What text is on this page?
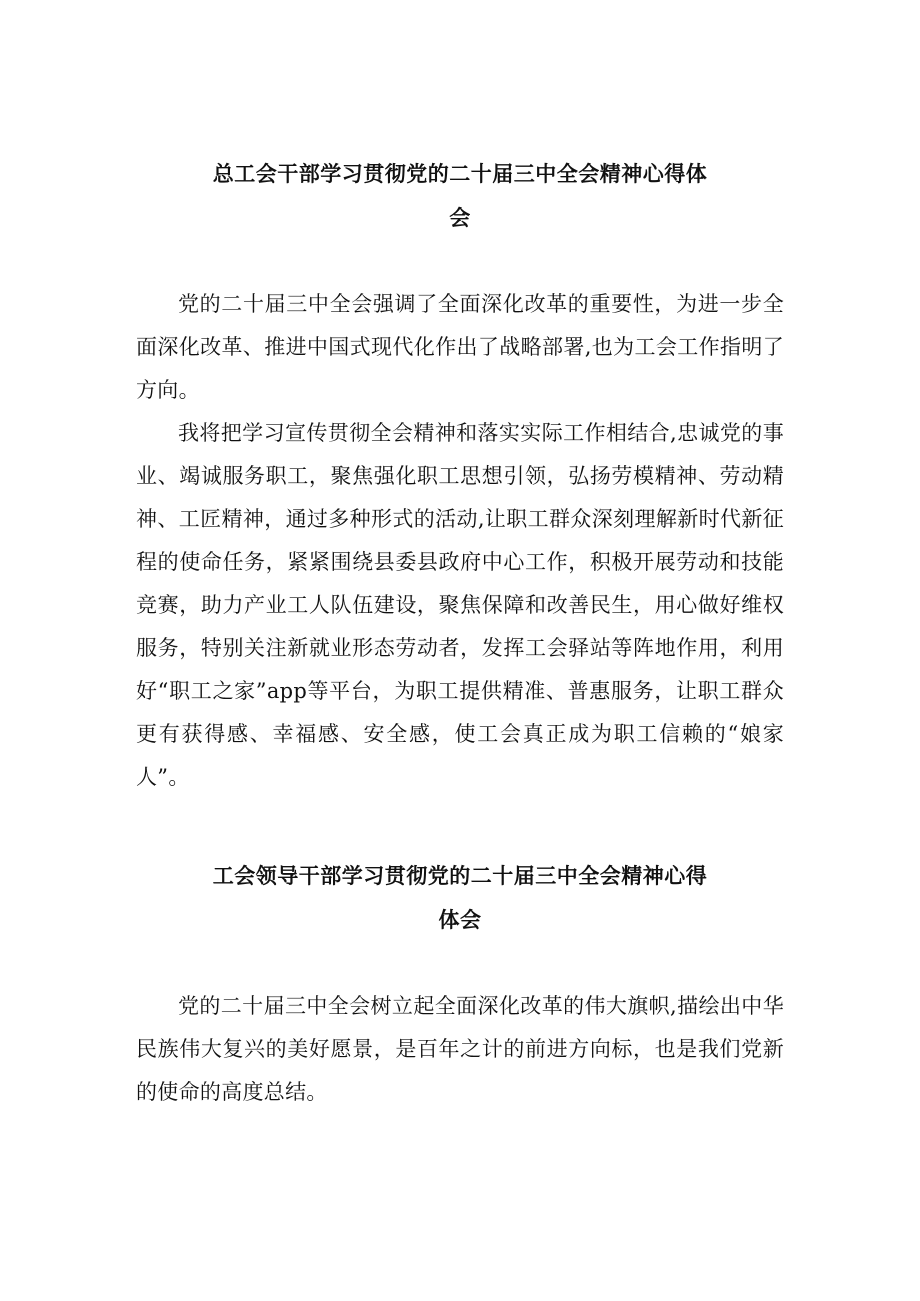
总工会干部学习贯彻党的二十届三中全会精神心得体
会

党的二十届三中全会强调了全面深化改革的重要性，为进一步全面深化改革、推进中国式现代化作出了战略部署,也为工会工作指明了方向。

我将把学习宣传贯彻全会精神和落实实际工作相结合,忠诚党的事业、竭诚服务职工，聚焦强化职工思想引领，弘扬劳模精神、劳动精神、工匠精神，通过多种形式的活动,让职工群众深刻理解新时代新征程的使命任务，紧紧围绕县委县政府中心工作，积极开展劳动和技能竞赛，助力产业工人队伍建设，聚焦保障和改善民生，用心做好维权服务，特别关注新就业形态劳动者，发挥工会驿站等阵地作用，利用好“职工之家”app等平台，为职工提供精准、普惠服务，让职工群众更有获得感、幸福感、安全感，使工会真正成为职工信赖的“娘家人”。

工会领导干部学习贯彻党的二十届三中全会精神心得
体会

党的二十届三中全会树立起全面深化改革的伟大旗帜,描绘出中华民族伟大复兴的美好愿景，是百年之计的前进方向标，也是我们党新的使命的高度总结。
